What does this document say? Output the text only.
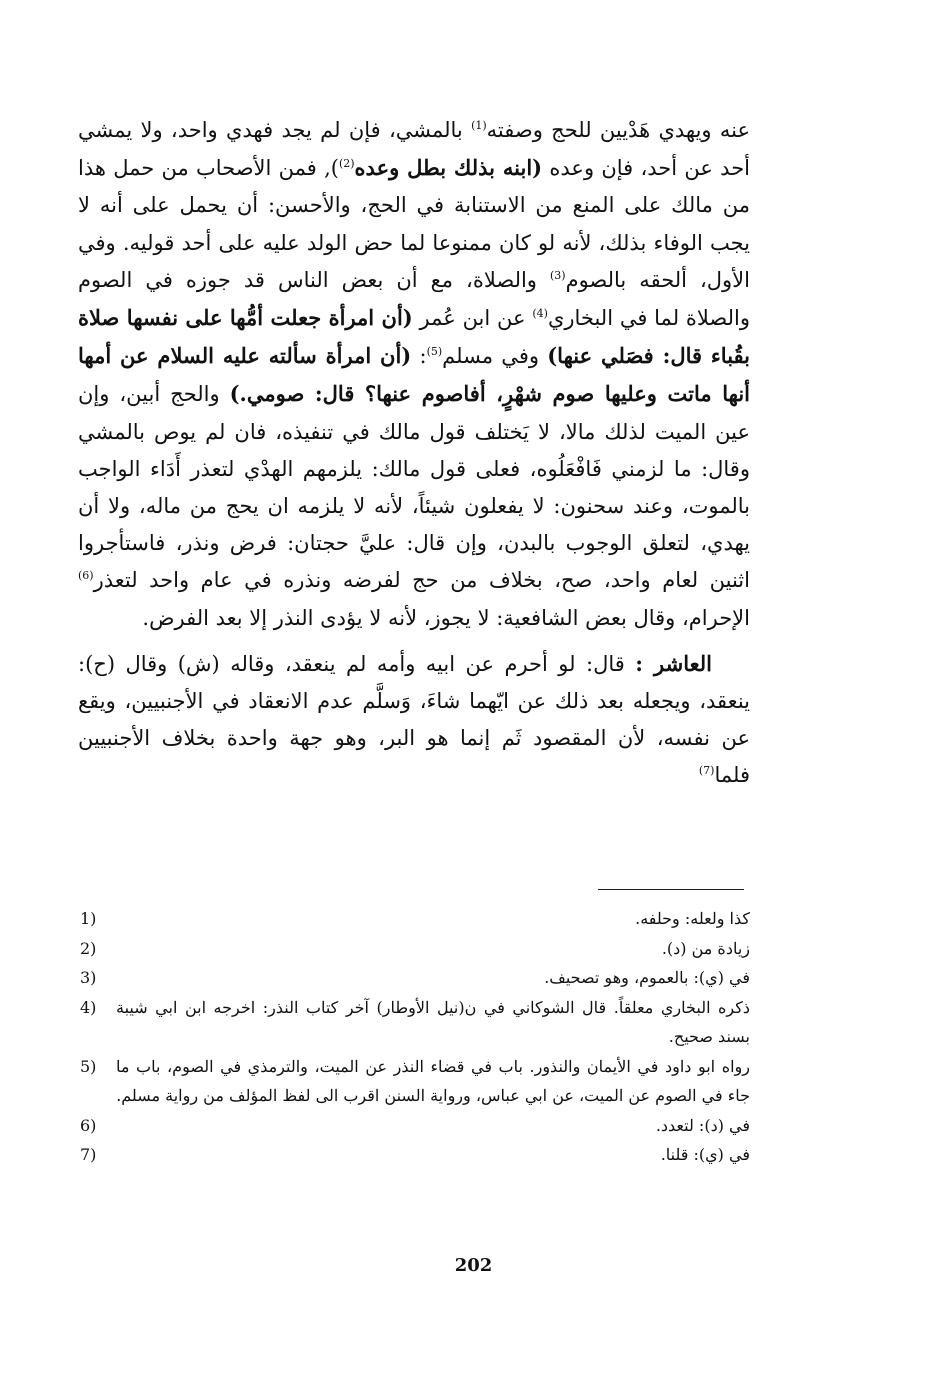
عنه ويهدي هَدْيين للحج وصفته$^{(1)}$ بالمشي، فإن لم يجد فهدي واحد، ولا يمشي أحد عن أحد، فإن وعده (ابنه بذلك بطل وعده$^{(2)}$), فمن الأصحاب من حمل هذا من مالك على المنع من الاستنابة في الحج، والأحسن: أن يحمل على أنه لا يجب الوفاء بذلك، لأنه لو كان ممنوعا لما حض الولد عليه على أحد قوليه. وفي الأول، ألحقه بالصوم$^{(3)}$ والصلاة، مع أن بعض الناس قد جوزه في الصوم والصلاة لما في البخاري$^{(4)}$ عن ابن عُمر (أن امرأة جعلت أمُّها على نفسها صلاة بقُباء قال: فصَلي عنها) وفي مسلم$^{(5)}$: (أن امرأة سألته عليه السلام عن أمها أنها ماتت وعليها صوم شهْرٍ، أفاصوم عنها؟ قال: صومي.) والحج أبين، وإن عين الميت لذلك مالا، لا يَختلف قول مالك في تنفيذه، فان لم يوص بالمشي وقال: ما لزمني فَافْعَلُوه، فعلى قول مالك: يلزمهم الهدْي لتعذر أَدَاء الواجب بالموت، وعند سحنون: لا يفعلون شيئاً، لأنه لا يلزمه ان يحج من ماله، ولا أن يهدي، لتعلق الوجوب بالبدن، وإن قال: عليَّ حجتان: فرض ونذر، فاستأجروا اثنين لعام واحد، صح، بخلاف من حج لفرضه ونذره في عام واحد لتعذر$^{(6)}$ الإحرام، وقال بعض الشافعية: لا يجوز، لأنه لا يؤدى النذر إلا بعد الفرض.

العاشر : قال: لو أحرم عن ابيه وأمه لم ينعقد، وقاله (ش) وقال (ح): ينعقد، ويجعله بعد ذلك عن ايّهما شاءَ، وَسلَّم عدم الانعقاد في الأجنبيين، ويقع عن نفسه، لأن المقصود ثَم إنما هو البر، وهو جهة واحدة بخلاف الأجنبيين فلما$^{(7)}$

كذا ولعله: وحلفه.
1)
زيادة من (د).
2)
في (ي): بالعموم، وهو تصحيف.
3)
ذكره البخاري معلقاً. قال الشوكاني في ن(نيل الأوطار) آخر كتاب النذر: اخرجه ابن ابي شيبة بسند صحيح.
4)
رواه ابو داود في الأيمان والنذور. باب في قضاء النذر عن الميت، والترمذي في الصوم، باب ما جاء في الصوم عن الميت، عن ابي عباس، ورواية السنن اقرب الى لفظ المؤلف من رواية مسلم.
5)
في (د): لتعدد.
6)
في (ي): قلنا.
7)
202
